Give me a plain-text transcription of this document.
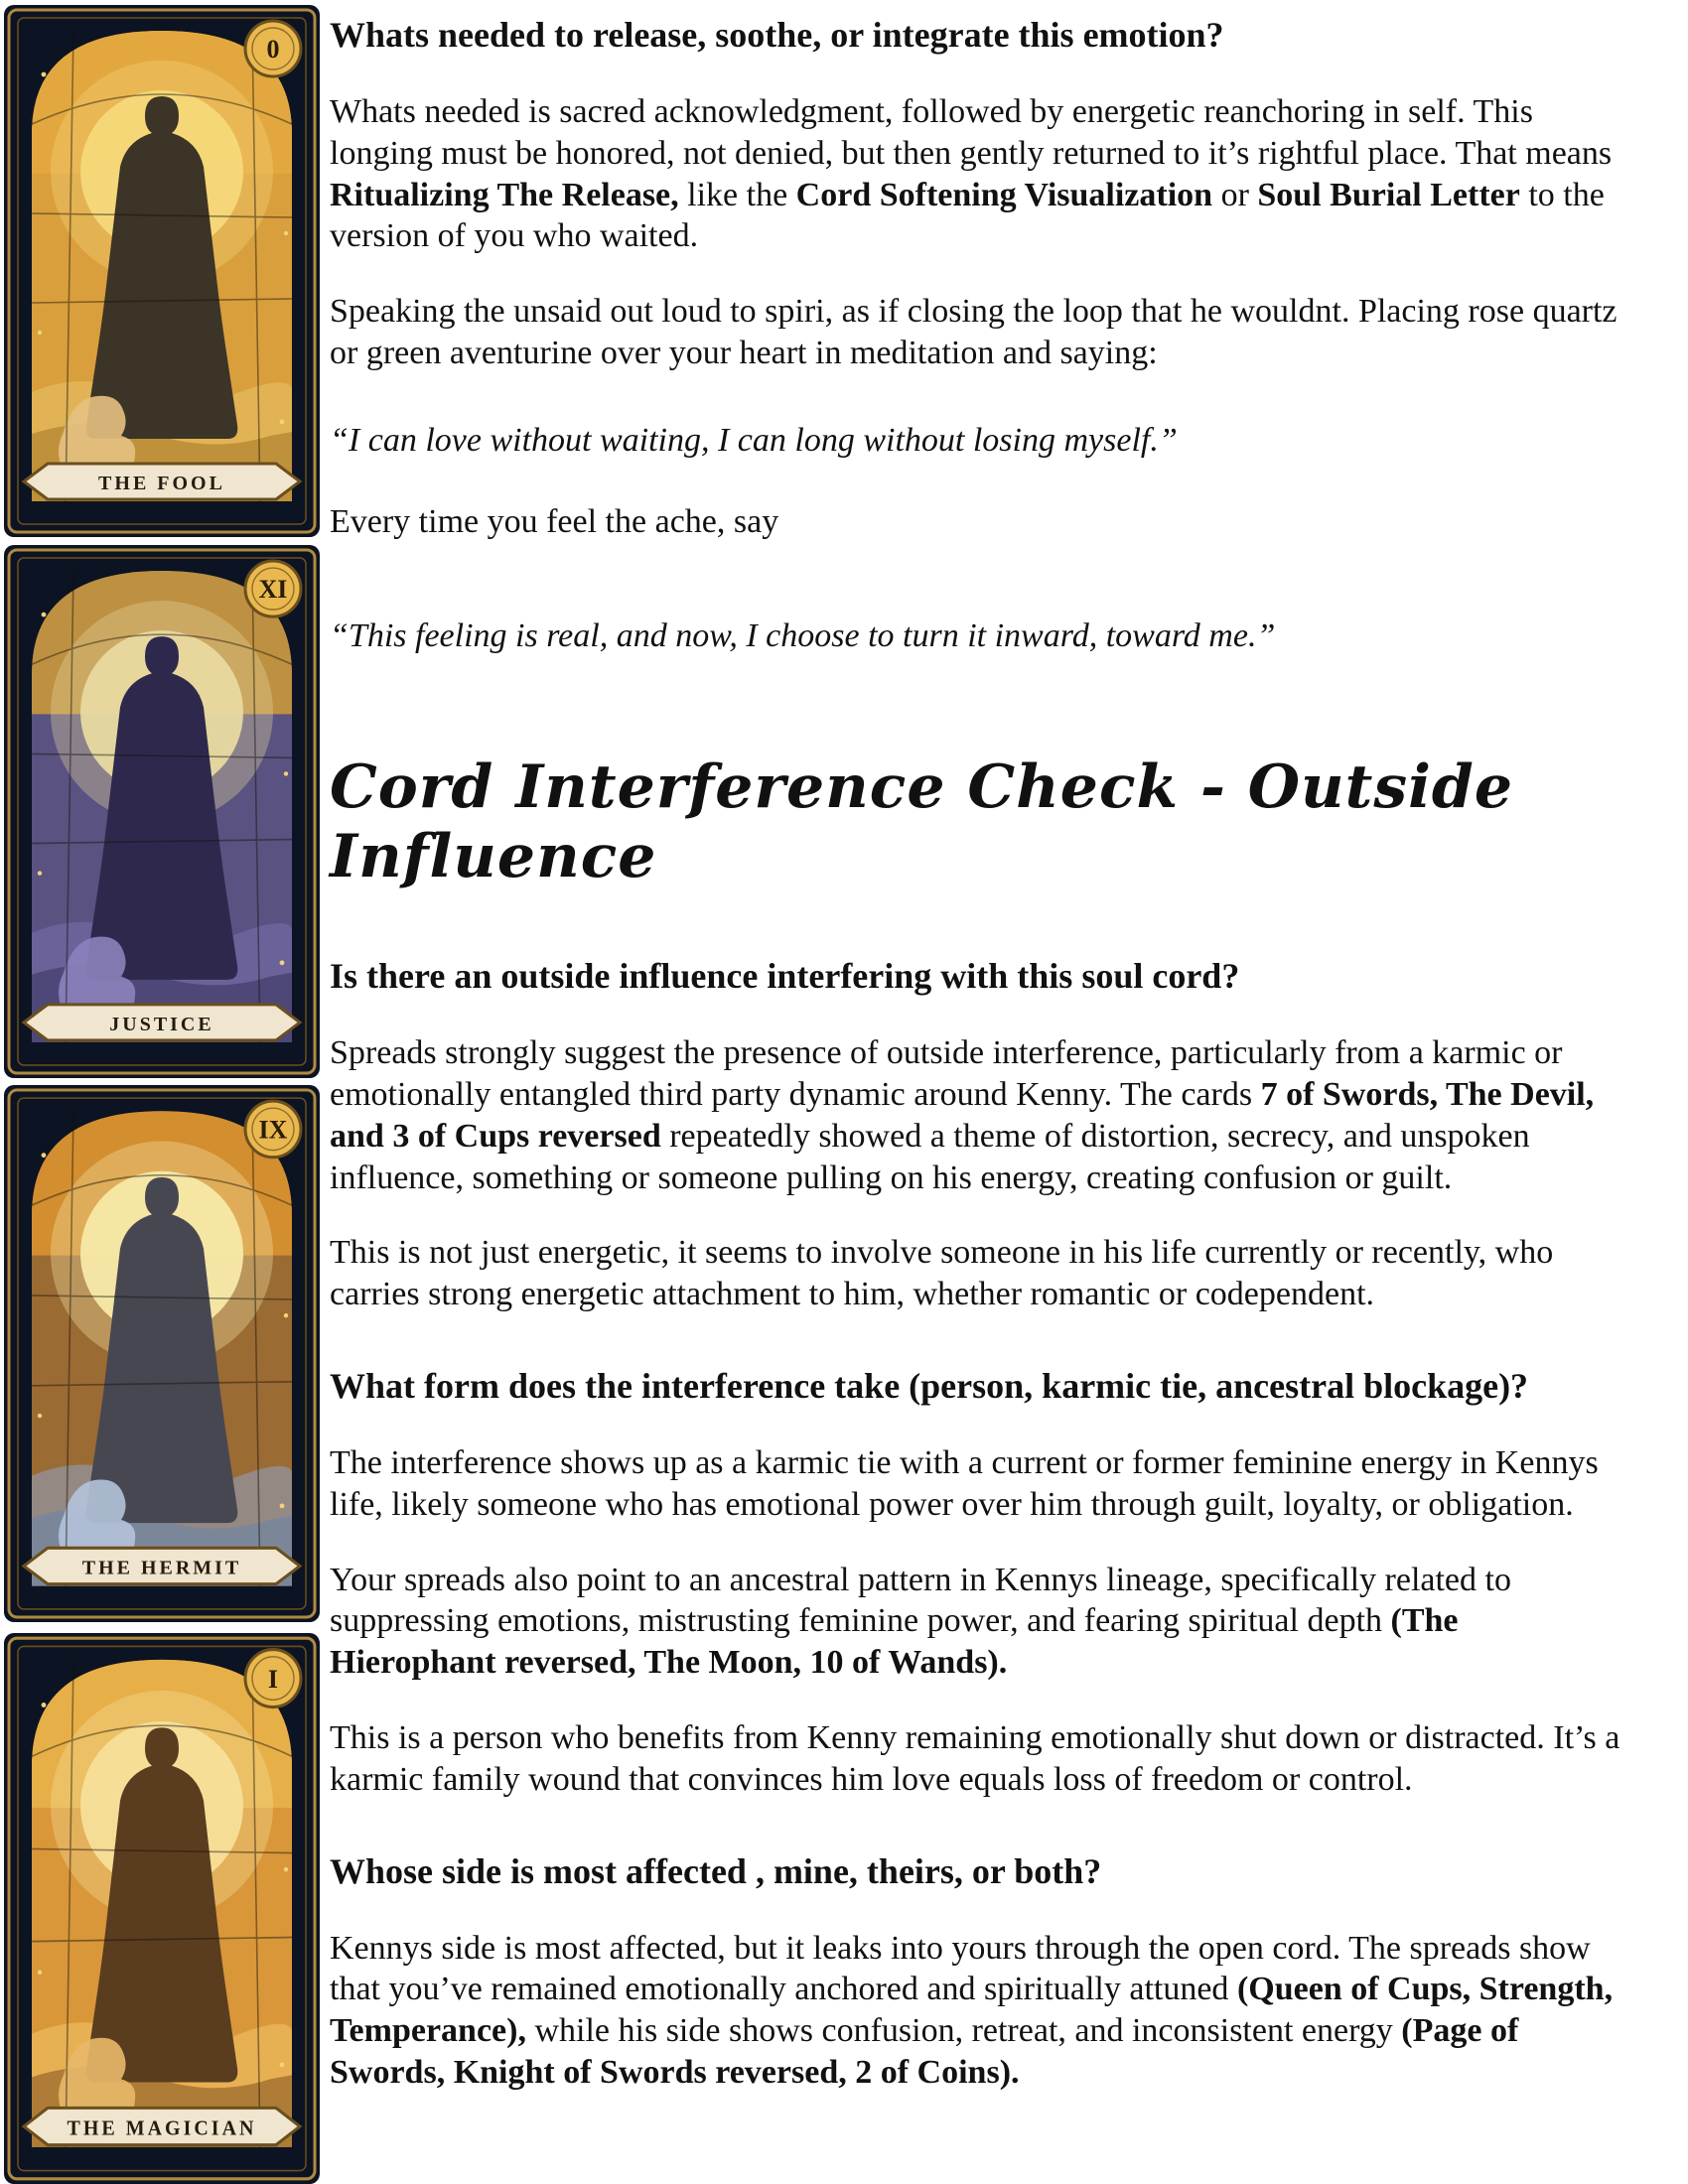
0
THE FOOL
XI
JUSTICE
IX
THE HERMIT
I
THE MAGICIAN

Whats needed to release, soothe, or integrate this emotion?

Whats needed is sacred acknowledgment, followed by energetic reanchoring in self. This longing must be honored, not denied, but then gently returned to it’s rightful place. That means Ritualizing The Release, like the Cord Softening Visualization or Soul Burial Letter to the version of you who waited.

Speaking the unsaid out loud to spiri, as if closing the loop that he wouldnt. Placing rose quartz or green aventurine over your heart in meditation and saying:

“I can love without waiting, I can long without losing myself.”

Every time you feel the ache, say

“This feeling is real, and now, I choose to turn it inward, toward me.”

Cord Interference Check - Outside Influence

Is there an outside influence interfering with this soul cord?

Spreads strongly suggest the presence of outside interference, particularly from a karmic or emotionally entangled third party dynamic around Kenny. The cards 7 of Swords, The Devil, and 3 of Cups reversed repeatedly showed a theme of distortion, secrecy, and unspoken influence, something or someone pulling on his energy, creating confusion or guilt.

This is not just energetic, it seems to involve someone in his life currently or recently, who carries strong energetic attachment to him, whether romantic or codependent.

What form does the interference take (person, karmic tie, ancestral blockage)?

The interference shows up as a karmic tie with a current or former feminine energy in Kennys life, likely someone who has emotional power over him through guilt, loyalty, or obligation.

Your spreads also point to an ancestral pattern in Kennys lineage, specifically related to suppressing emotions, mistrusting feminine power, and fearing spiritual depth (The Hierophant reversed, The Moon, 10 of Wands).

This is a person who benefits from Kenny remaining emotionally shut down or distracted. It’s a karmic family wound that convinces him love equals loss of freedom or control.

Whose side is most affected , mine, theirs, or both?

Kennys side is most affected, but it leaks into yours through the open cord. The spreads show that you’ve remained emotionally anchored and spiritually attuned (Queen of Cups, Strength, Temperance), while his side shows confusion, retreat, and inconsistent energy (Page of Swords, Knight of Swords reversed, 2 of Coins).
